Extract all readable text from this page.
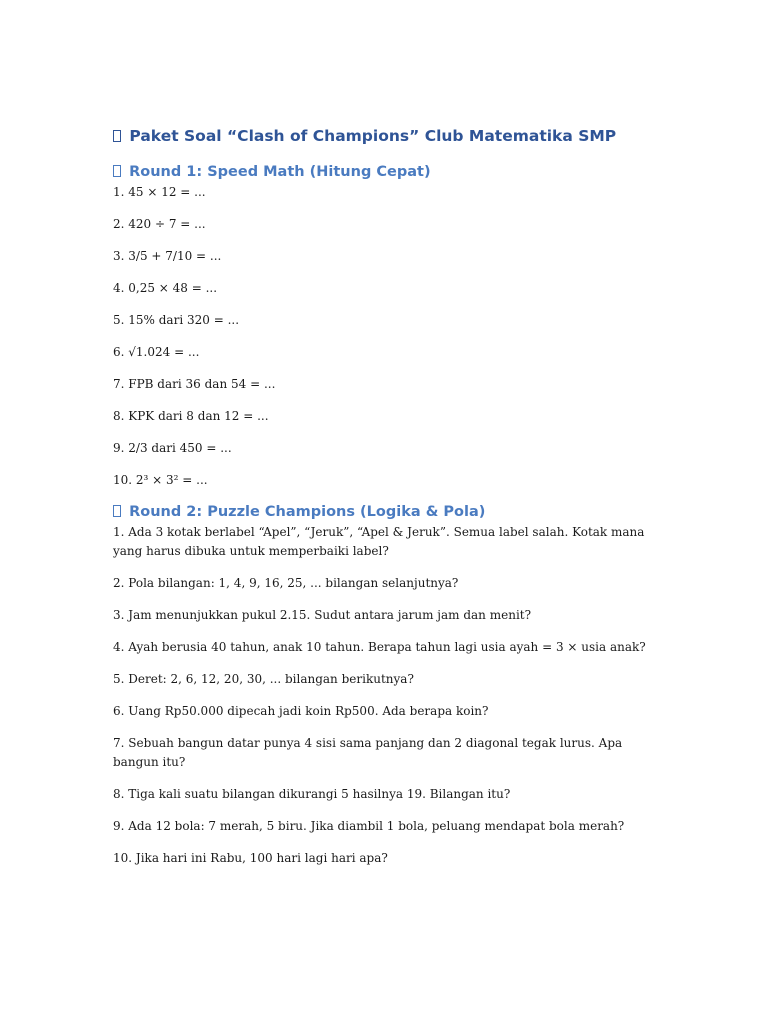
Paket Soal “Clash of Champions” Club Matematika SMP

Round 1: Speed Math (Hitung Cepat)

1. 45 × 12 = ...

2. 420 ÷ 7 = ...

3. 3/5 + 7/10 = ...

4. 0,25 × 48 = ...

5. 15% dari 320 = ...

6. √1.024 = ...

7. FPB dari 36 dan 54 = ...

8. KPK dari 8 dan 12 = ...

9. 2/3 dari 450 = ...

10. 2³ × 3² = ...

Round 2: Puzzle Champions (Logika & Pola)

1. Ada 3 kotak berlabel “Apel”, “Jeruk”, “Apel & Jeruk”. Semua label salah. Kotak mana yang harus dibuka untuk memperbaiki label?

2. Pola bilangan: 1, 4, 9, 16, 25, ... bilangan selanjutnya?

3. Jam menunjukkan pukul 2.15. Sudut antara jarum jam dan menit?

4. Ayah berusia 40 tahun, anak 10 tahun. Berapa tahun lagi usia ayah = 3 × usia anak?

5. Deret: 2, 6, 12, 20, 30, ... bilangan berikutnya?

6. Uang Rp50.000 dipecah jadi koin Rp500. Ada berapa koin?

7. Sebuah bangun datar punya 4 sisi sama panjang dan 2 diagonal tegak lurus. Apa bangun itu?

8. Tiga kali suatu bilangan dikurangi 5 hasilnya 19. Bilangan itu?

9. Ada 12 bola: 7 merah, 5 biru. Jika diambil 1 bola, peluang mendapat bola merah?

10. Jika hari ini Rabu, 100 hari lagi hari apa?
